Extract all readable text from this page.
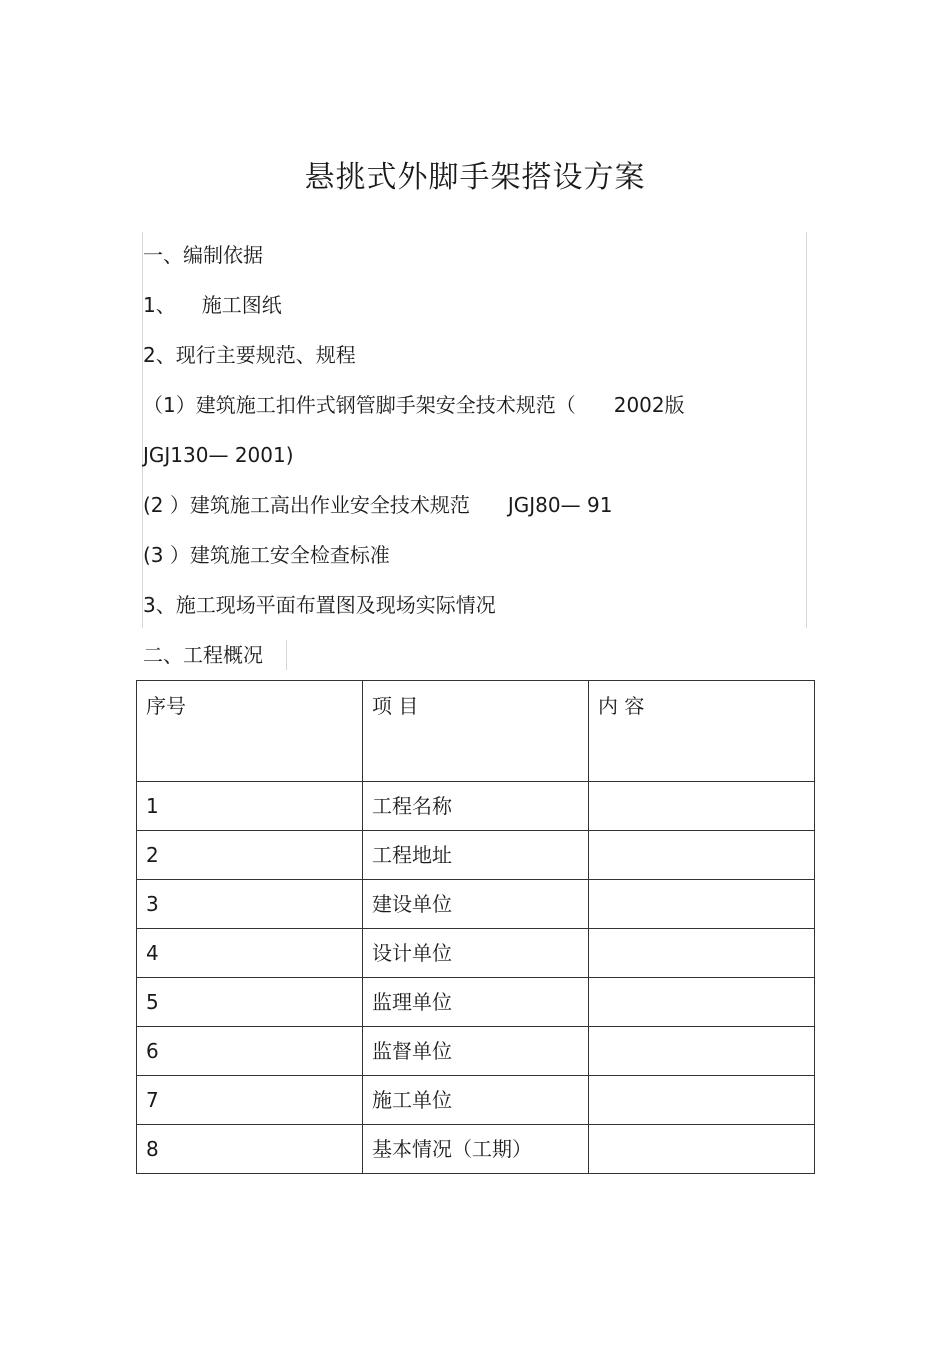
悬挑式外脚手架搭设方案
一、编制依据
1、 施工图纸
2、现行主要规范、规程
（1）建筑施工扣件式钢管脚手架安全技术规范（ 2002版
JGJ130— 2001)
(2 ）建筑施工高出作业安全技术规范 JGJ80— 91
(3 ）建筑施工安全检查标准
3、施工现场平面布置图及现场实际情况
二、工程概况
序号	项 目	内 容
1	工程名称	
2	工程地址	
3	建设单位	
4	设计单位	
5	监理单位	
6	监督单位	
7	施工单位	
8	基本情况（工期）	
